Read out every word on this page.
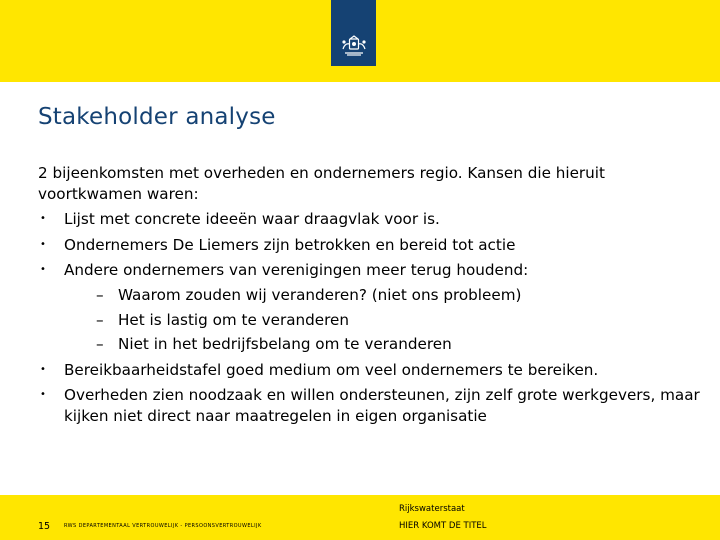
Stakeholder analyse

2 bijeenkomsten met overheden en ondernemers regio. Kansen die hieruit voortkwamen waren:

•	Lijst met concrete ideeën waar draagvlak voor is.
•	Ondernemers De Liemers zijn betrokken en bereid tot actie
•	Andere ondernemers van verenigingen meer terug houdend:
– Waarom zouden wij veranderen? (niet ons probleem)
– Het is lastig om te veranderen
– Niet in het bedrijfsbelang om te veranderen
•	Bereikbaarheidstafel goed medium om veel ondernemers te bereiken.
•	Overheden zien noodzaak en willen ondersteunen, zijn zelf grote werkgevers, maar kijken niet direct naar maatregelen in eigen organisatie
15	RWS DEPARTEMENTAAL VERTROUWELIJK - PERSOONSVERTROUWELIJK
Rijkswaterstaat
HIER KOMT DE TITEL
